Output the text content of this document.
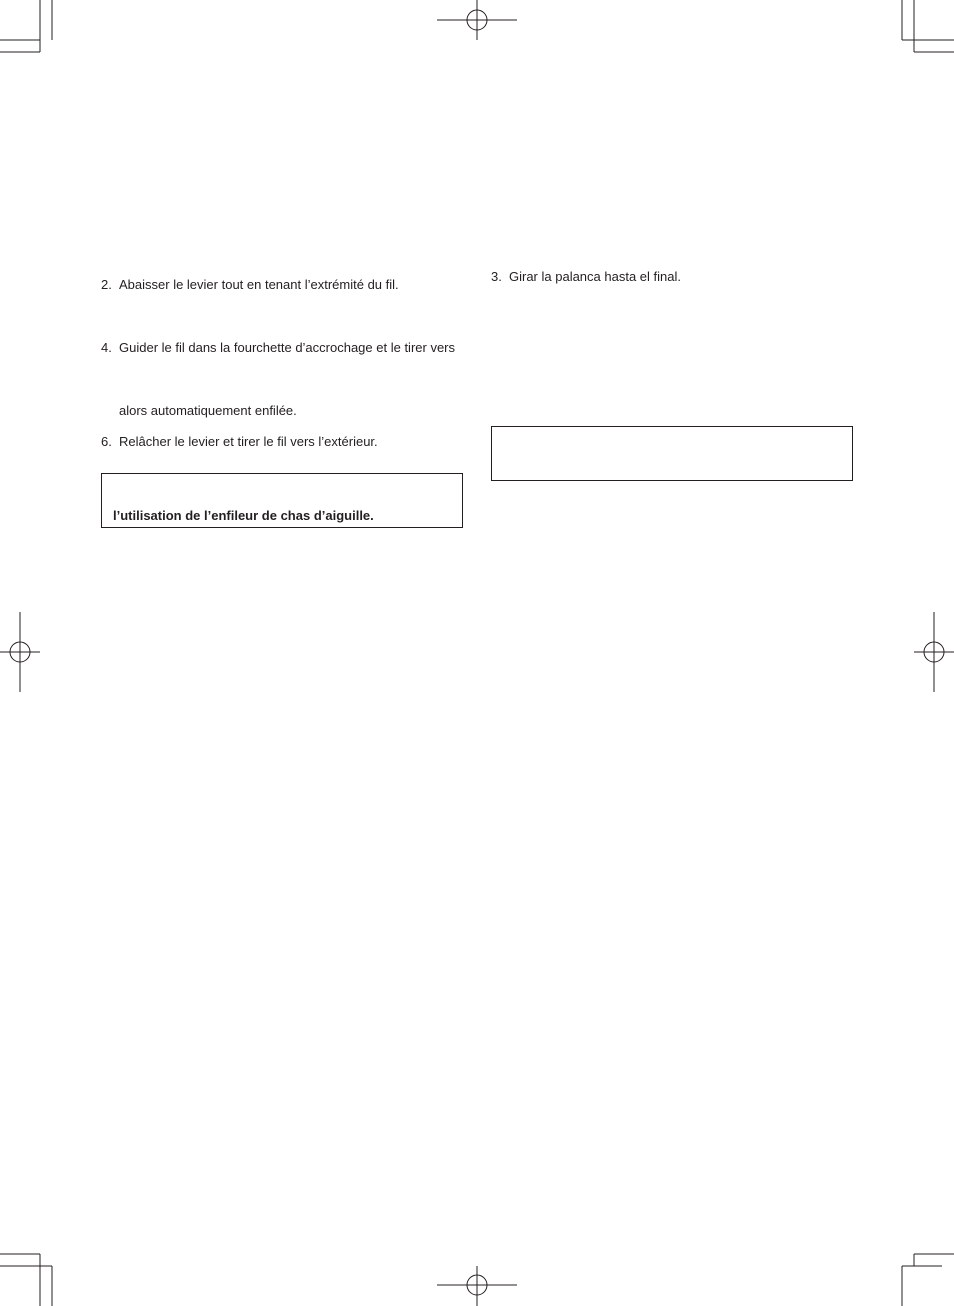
2. Abaisser le levier tout en tenant l’extrémité du fil.
4. Guider le fil dans la fourchette d’accrochage et le tirer vers
alors automatiquement enfilée.
6. Relâcher le levier et tirer le fil vers l’extérieur.
l’utilisation de l’enfileur de chas d’aiguille.
3. Girar la palanca hasta el final.
